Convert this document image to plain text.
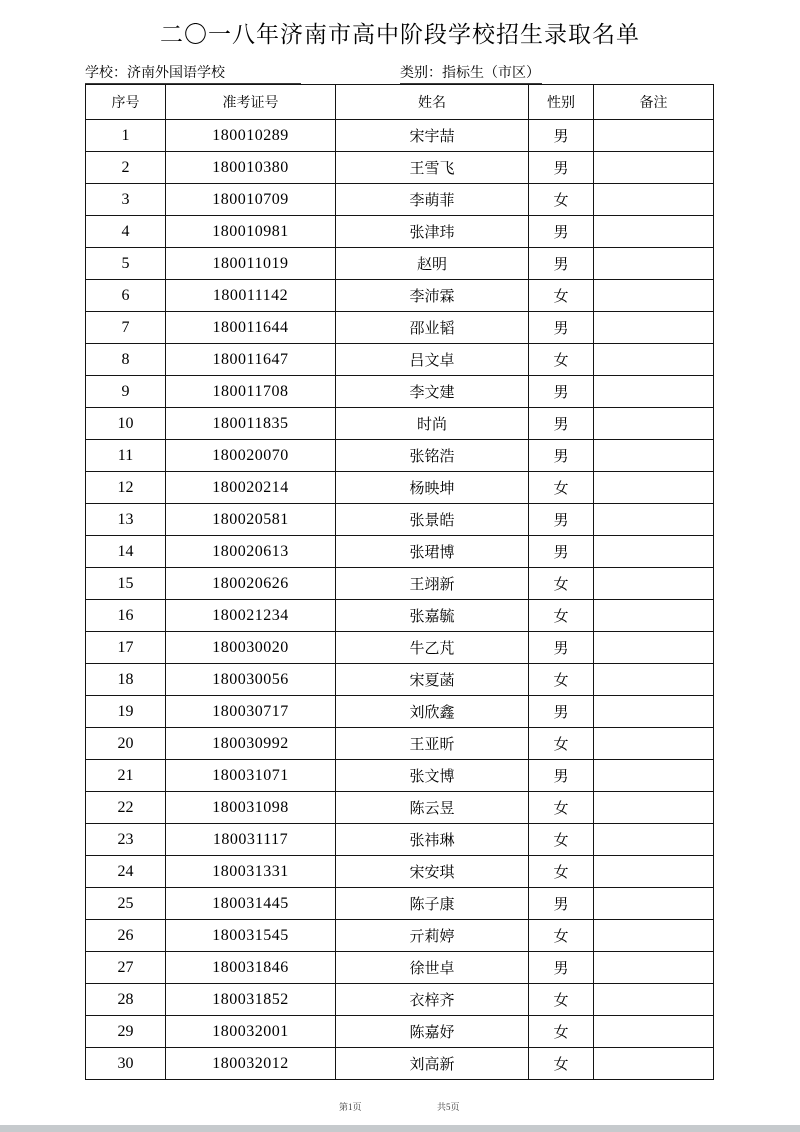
二〇一八年济南市高中阶段学校招生录取名单
学校：济南外国语学校	类别：指标生（市区）
序号	准考证号	姓名	性别	备注
1	180010289	宋宇喆	男	
2	180010380	王雪飞	男	
3	180010709	李萌菲	女	
4	180010981	张津玮	男	
5	180011019	赵明	男	
6	180011142	李沛霖	女	
7	180011644	邵业韬	男	
8	180011647	吕文卓	女	
9	180011708	李文建	男	
10	180011835	时尚	男	
11	180020070	张铭浩	男	
12	180020214	杨映坤	女	
13	180020581	张景皓	男	
14	180020613	张珺博	男	
15	180020626	王翊新	女	
16	180021234	张嘉毓	女	
17	180030020	牛乙芃	男	
18	180030056	宋夏菡	女	
19	180030717	刘欣鑫	男	
20	180030992	王亚昕	女	
21	180031071	张文博	男	
22	180031098	陈云昱	女	
23	180031117	张祎琳	女	
24	180031331	宋安琪	女	
25	180031445	陈子康	男	
26	180031545	亓莉婷	女	
27	180031846	徐世卓	男	
28	180031852	衣梓齐	女	
29	180032001	陈嘉妤	女	
30	180032012	刘高新	女	
第1页	共5页
